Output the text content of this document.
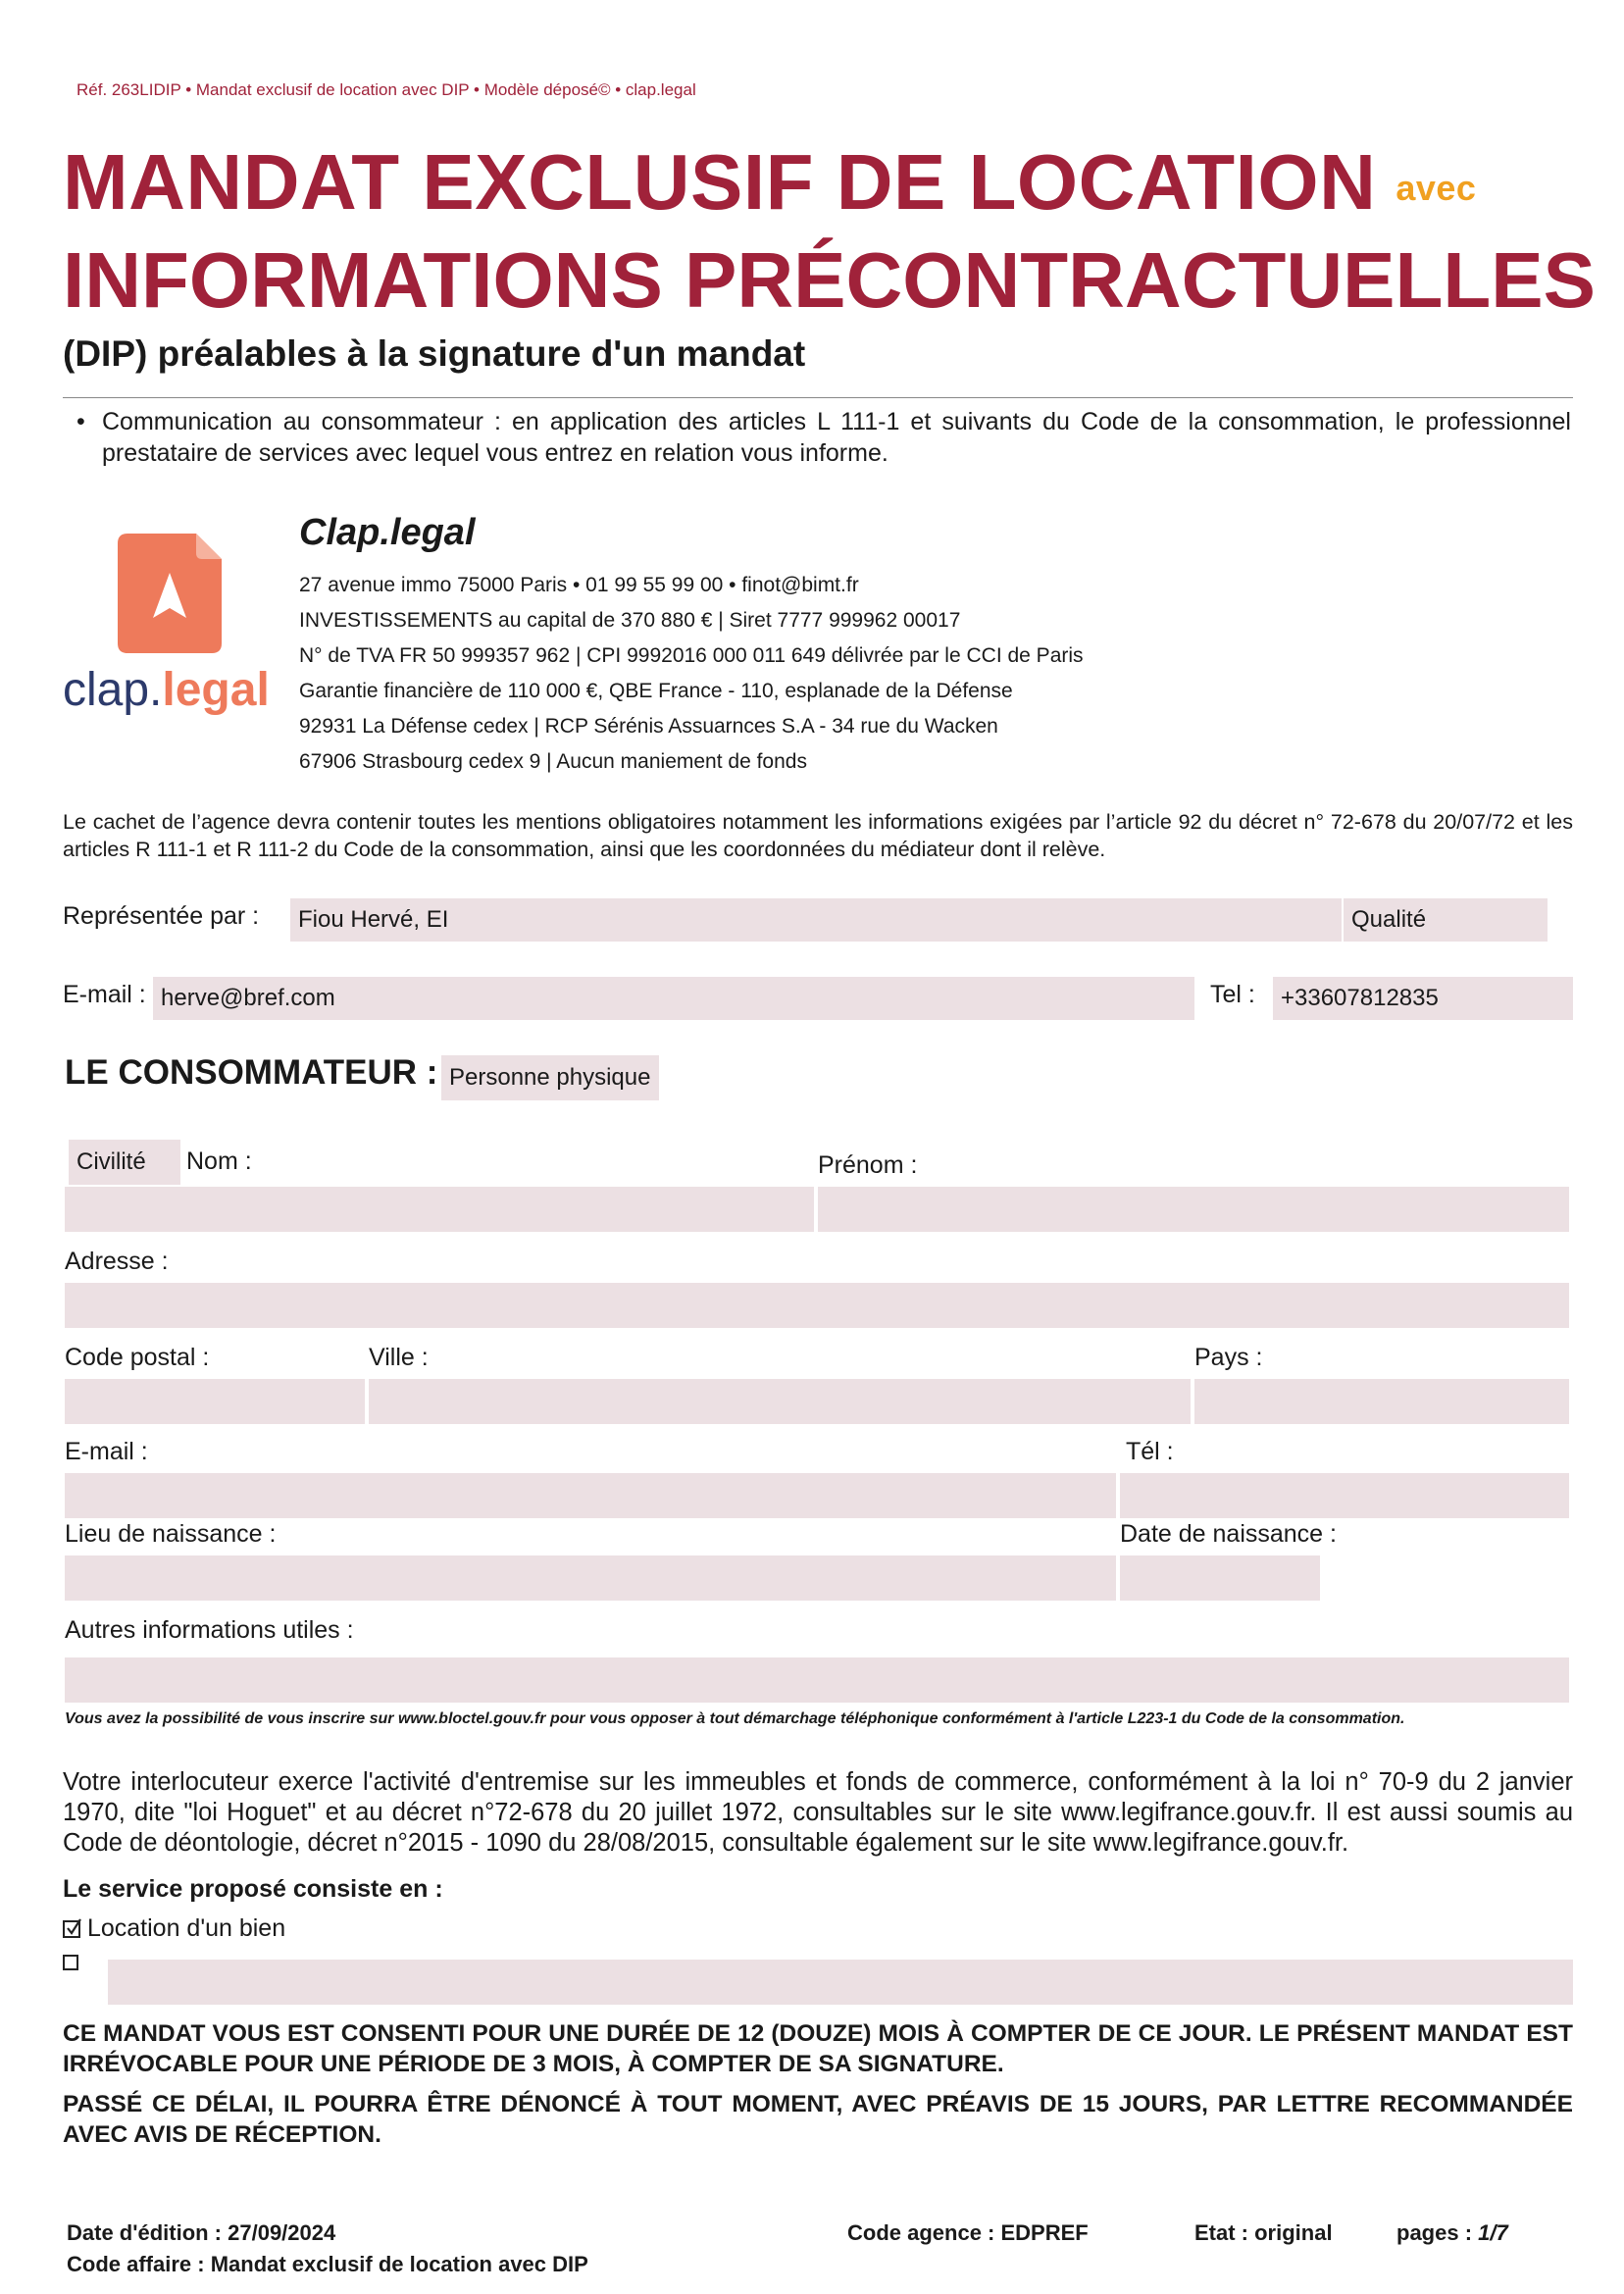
Réf. 263LIDIP • Mandat exclusif de location avec DIP • Modèle déposé© • clap.legal
MANDAT EXCLUSIF DE LOCATION avec
INFORMATIONS PRÉCONTRACTUELLES
(DIP) préalables à la signature d'un mandat
• Communication au consommateur : en application des articles L 111-1 et suivants du Code de la consommation, le professionnel prestataire de services avec lequel vous entrez en relation vous informe.
clap.legal
Clap.legal
27 avenue immo 75000 Paris • 01 99 55 99 00 • finot@bimt.fr
INVESTISSEMENTS au capital de 370 880 € | Siret 7777 999962 00017
N° de TVA FR 50 999357 962 | CPI 9992016 000 011 649 délivrée par le CCI de Paris
Garantie financière de 110 000 €, QBE France - 110, esplanade de la Défense
92931 La Défense cedex | RCP Sérénis Assuarnces S.A - 34 rue du Wacken
67906 Strasbourg cedex 9 | Aucun maniement de fonds
Le cachet de l’agence devra contenir toutes les mentions obligatoires notamment les informations exigées par l’article 92 du décret n° 72-678 du 20/07/72 et les articles R 111-1 et R 111-2 du Code de la consommation, ainsi que les coordonnées du médiateur dont il relève.
Représentée par :	Fiou Hervé, EI	Qualité
E-mail : herve@bref.com	Tel :	+33607812835
LE CONSOMMATEUR : Personne physique
Civilité	Nom :	Prénom :
Adresse :
Code postal :	Ville :	Pays :
E-mail :	Tél :
Lieu de naissance :	Date de naissance :
Autres informations utiles :
Vous avez la possibilité de vous inscrire sur www.bloctel.gouv.fr pour vous opposer à tout démarchage téléphonique conformément à l'article L223-1 du Code de la consommation.
Votre interlocuteur exerce l'activité d'entremise sur les immeubles et fonds de commerce, conformément à la loi n° 70-9 du 2 janvier 1970, dite "loi Hoguet" et au décret n°72-678 du 20 juillet 1972, consultables sur le site www.legifrance.gouv.fr. Il est aussi soumis au Code de déontologie, décret n°2015 - 1090 du 28/08/2015, consultable également sur le site www.legifrance.gouv.fr.
Le service proposé consiste en :
Location d'un bien
CE MANDAT VOUS EST CONSENTI POUR UNE DURÉE DE 12 (DOUZE) MOIS À COMPTER DE CE JOUR. LE PRÉSENT MANDAT EST IRRÉVOCABLE POUR UNE PÉRIODE DE 3 MOIS, À COMPTER DE SA SIGNATURE.
PASSÉ CE DÉLAI, IL POURRA ÊTRE DÉNONCÉ À TOUT MOMENT, AVEC PRÉAVIS DE 15 JOURS, PAR LETTRE RECOMMANDÉE AVEC AVIS DE RÉCEPTION.
Date d'édition : 27/09/2024
Code affaire : Mandat exclusif de location avec DIP
Code agence : EDPREF	Etat : original	pages : 1/7
